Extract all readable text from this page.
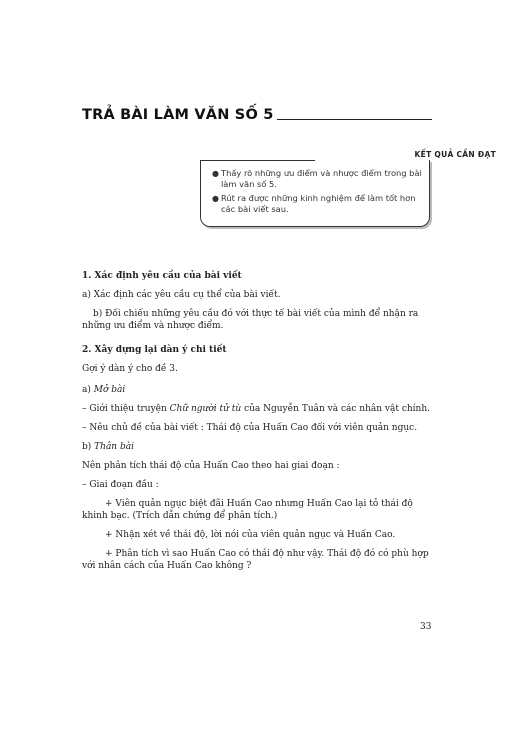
TRẢ BÀI LÀM VĂN SỐ 5
KẾT QUẢ CẦN ĐẠT
● Thấy rõ những ưu điểm và nhược điểm trong bài làm văn số 5.
● Rút ra được những kinh nghiệm để làm tốt hơn các bài viết sau.

1. Xác định yêu cầu của bài viết

a) Xác định các yêu cầu cụ thể của bài viết.

b) Đối chiếu những yêu cầu đó với thực tế bài viết của mình để nhận ra những ưu điểm và nhược điểm.

2. Xây dựng lại dàn ý chi tiết

Gợi ý dàn ý cho đề 3.

a) Mở bài

– Giới thiệu truyện Chữ người tử tù của Nguyễn Tuân và các nhân vật chính.

– Nêu chủ đề của bài viết : Thái độ của Huấn Cao đối với viên quản ngục.

b) Thân bài

Nên phân tích thái độ của Huấn Cao theo hai giai đoạn :

– Giai đoạn đầu :

+ Viên quản ngục biệt đãi Huấn Cao nhưng Huấn Cao lại tỏ thái độ khinh bạc. (Trích dẫn chứng để phân tích.)

+ Nhận xét về thái độ, lời nói của viên quản ngục và Huấn Cao.

+ Phân tích vì sao Huấn Cao có thái độ như vậy. Thái độ đó có phù hợp với nhân cách của Huấn Cao không ?

33
